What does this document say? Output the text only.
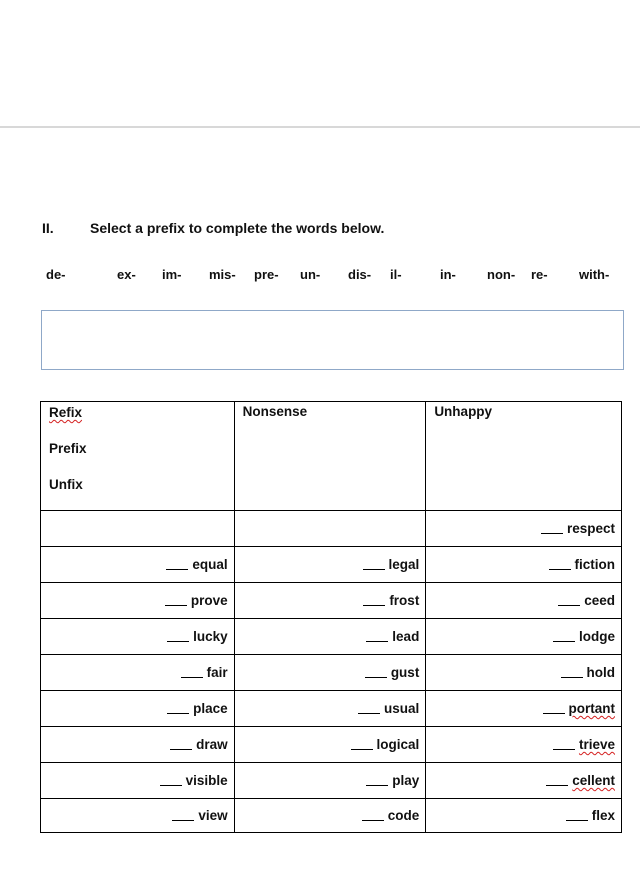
II.	Select a prefix to complete the words below.
de-	ex- im- mis- pre- un- dis- il-	in- non- re- with-
Refix
Prefix
Unfix	Nonsense	Unhappy
		respect
equal	legal	fiction
prove	frost	ceed
lucky	lead	lodge
fair	gust	hold
place	usual	portant
draw	logical	trieve
visible	play	cellent
view	code	flex
